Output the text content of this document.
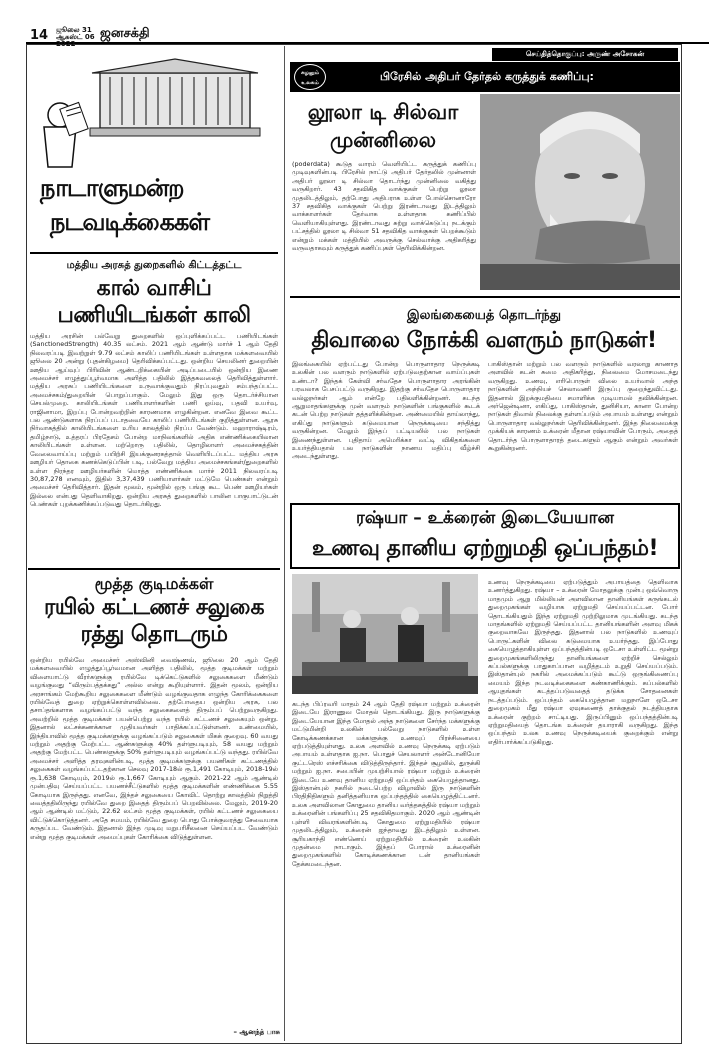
14 ஜூலை 31
ஆகஸ்ட் 06
2022
ஜனசக்தி
நாடாளுமன்ற
நடவடிக்கைகள்
மத்திய அரசுத் துறைகளில் கிட்டத்தட்ட
கால் வாசிப்
பணியிடங்கள் காலி
மத்திய அரசின் பல்வேறு துறைகளில் ஒப்புளிக்கப்பட்ட பணியிடங்கள் (SanctionedStrength) 40.35 லட்சம். 2021 ஆம் ஆண்டு மார்ச் 1 ஆம் தேதி நிலவரப்படி இவற்றுள் 9.79 லட்சம் காலிப் பணியிடங்கள் உள்ளதாக மக்களவையில் ஜூலை 20 அன்று (புதன்கிழமை) தெரிவிக்கப்பட்டது. ஒன்றிய செயலினர் துறையின் ஊதிய ஆய்வுப் பிரிவின் ஆண்டறிக்கையின் அடிப்படையில் ஒன்றிய இணை அமைச்சர் எழுத்துப்பூர்வமாக அளித்த பதிலில் இத்தகவலைத் தெரிவித்துள்ளார். மத்திய அரசுப் பணியிடங்களை உருவாக்குவதும் நிரப்புவதும் சம்பந்தப்பட்ட அமைச்சகம்/துறையின் பொறுப்பாகும். மேலும் இது ஒரு தொடர்ச்சியான செயல்முறை. காலியிடங்கள் பணியாளர்களின் பணி ஓய்வு, பதவி உயர்வு, ராஜினாமா, இறப்பு போன்றவற்றின் காரணமாக எழுகின்றன. எனவே இவை கூட்ட பல ஆண்டுகளாக நிரப்பப் படாதவையே காலிப் பணியிடங்கள் குறித்துள்ளன. ஆரசு நிர்வாகத்தில் காலியிடங்களை உரிய காலத்தில் நிரப்ப வேண்டும். மஹாராஷ்டிரம், தமிழ்நாடு, உத்தரப் பிரதேசம் போன்ற மாநிலங்களில் அதிக எண்ணிக்கையிலான காலியிடங்கள் உள்ளன. மற்றொரு பதிலில், தொழிலாளர் அமைச்சகத்தின் வேலைவாய்ப்பு மற்றும் பயிற்சி இயக்குனரகத்தால் வெளியிடப்பட்ட மத்திய அரசு ஊழியர் தொகை கணக்கெடுப்பின் படி, பல்வேறு மத்திய அமைச்சகங்கள்/துறைகளில் உள்ள நிரந்தர ஊழியர்களின் மொத்த எண்ணிக்கை மார்ச் 2011 நிலவரப்படி 30,87,278 எனவும், இதில் 3,37,439 பணியாளர்கள் மட்டுமே பெண்கள் என்றும் அமைச்சர் தெரிவித்தார். இதன் மூலம், மூன்றில் ஒரு பங்கு கூட பெண் ஊழியர்கள் இல்லை என்பது தெளிவாகிறது. ஒன்றிய அரசுத் துறைகளில் பாலின பாகுபாட்டுடன் பெண்கள் புறக்கணிக்கப்படுவது தொடர்கிறது.
மூத்த குடிமக்கள்
ரயில் கட்டணச் சலுகை
ரத்து தொடரும்
ஒன்றிய ரயில்வே அமைச்சர் அஸ்வினி வைஷ்ணவ், ஜூலை 20 ஆம் தேதி மக்களவையில் எழுத்துப்பூர்வமான அளித்த பதிலில், மூத்த குடிமக்கள் மற்றும் விளையாட்டு வீரர்களுக்கு ரயில்வே டிக்கெட்டுகளில் சலுகைகளை மீண்டும் வழங்குவது “விரும்பத்தக்கது” அல்ல என்று கூறியுள்ளார். இதன் மூலம், ஒன்றிய அரசாங்கம் மேற்கூறிய சலுகைகளை மீண்டும் வழங்குவதாக எழுந்த கோரிக்கைகளை ரயில்வேத் துறை ஏற்றுக்கொள்ளவில்லை. தற்போதைய ஒன்றிய அரசு, பல தசாப்தங்களாக வழங்கப்பட்டு வந்த சலுகைகளைத் திரும்பப் பெற்றுவருகிறது. அவற்றில் மூத்த குடிமக்கள் பயன்பெற்று வந்த ரயில் கட்டணச் சலுகையும் ஒன்று. இதனால் லட்சக்கணக்கான முதியவர்கள் பாதிக்கப்பட்டுள்ளனர். உண்மையில், இந்தியாவில் மூத்த குடிமக்களுக்கு வழங்கப்படும் சலுகைகள் மிகக் குறைவு. 60 வயது மற்றும் அதற்கு மேற்பட்ட ஆண்களுக்கு 40% தள்ளுபடியும், 58 வயது மற்றும் அதற்கு மேற்பட்ட பெண்களுக்கு 50% தள்ளுபடியும் வழங்கப்பட்டு வந்தது. ரயில்வே அமைச்சர் அளித்த தரவுகளின்படி, மூத்த குடிமக்களுக்கு பயணிகள் கட்டணத்தில் சலுகைகள் வழங்கப்பட்டதற்கான செலவு 2017-18ல் ரூ.1,491 கோடியும், 2018-19ல் ரூ.1,638 கோடியும், 2019ல் ரூ.1,667 கோடியும் ஆகும். 2021-22 ஆம் ஆண்டில் முன்பதிவு செய்யப்பட்ட பயணச்சீட்டுகளில் மூத்த குடிமக்களின் எண்ணிக்கை 5.55 கோடியாக இருந்தது. எனவே, இந்தச் சலுகையை கோவிட் தொற்று காலத்தில் நிறுத்தி வைத்ததிலிருந்து ரயில்வே துறை இதைத் திரும்பப் பெறவில்லை. மேலும், 2019-20 ஆம் ஆண்டில் மட்டும், 22.62 லட்சம் மூத்த குடிமக்கள், ரயில் கட்டணச் சலுகையை விட்டுக்கொடுத்தனர். அதே சமயம், ரயில்வே துறை பொது போக்குவரத்து சேவையாக கருதப்பட வேண்டும். இதனால் இந்த முடிவு மறுபரிசீலனை செய்யப்பட வேண்டும் என்று மூத்த குடிமக்கள் அமைப்புகள் கோரிக்கை விடுத்துள்ளன.
– ஆனந்த் பாசு
செய்தித்தொகுப்பு: அருண் அசோகன்
சுழலும்
உலகம்	பிரேசில் அதிபர் தேர்தல் கருத்துக் கணிப்பு:
லூலா டி சில்வா
முன்னிலை
(poderdata) கூடுத வாரம் வெளியிட்ட கருத்துக் கணிப்பு முடிவுகளின்படி பிரேசில் நாட்டு அதிபர் தேர்தலில் முன்னாள் அதிபர் லூலா டி சில்வா தொடர்ந்து முன்னிலை வகித்து வருகிறார். 43 சதவிகித வாக்குகள் பெற்று லூலா முதலிடத்திலும், தற்போது அதிபராக உள்ள போல்சொனாரோ 37 சதவிகித வாக்குகள் பெற்று இரண்டாவது இடத்திலும் வாக்காளர்கள் தேர்வாக உள்ளதாக கணிப்பில் வெளியாகியுள்ளது. இரண்டாவது சுற்று வாக்கெடுப்பு நடக்கும் பட்சத்தில் லூலா டி சில்வா 51 சதவிகித வாக்குகள் பெறக்கூடும் என்றும் மக்கள் மத்தியில் அவருக்கு செல்வாக்கு அதிகரித்து வருவதாகவும் கருத்துக் கணிப்புகள் தெரிவிக்கின்றன.
இலங்கையைத் தொடர்ந்து
திவாலை நோக்கி வளரும் நாடுகள்!
இலங்கையில் ஏற்பட்டது போன்ற பொருளாதார நெருக்கடி உலகின் பல வளரும் நாடுகளில் ஏற்படுவதற்கான வாய்ப்புகள் உண்டா? இந்தக் கேள்வி சர்வதேச பொருளாதார அரங்கின் பரவலாக பேசப்பட்டு வருகிறது. இதற்கு சர்வதேச பொருளாதார வல்லுநர்கள் ஆம் என்றே பதிலளிக்கின்றனர். கடந்த ஆறுமாதங்களுக்கு முன் வளரும் நாடுகளின் பங்குகளில் கூடக் கடன் பெற்ற நாடுகள் தத்தளிக்கின்றன. அண்மையில் தாய்லாந்து, எகிப்து நாடுகளும் கடுமையான நெருக்கடியை சந்தித்து வருகின்றன. மேலும் இந்தப் பட்டியலில் பல நாடுகள் இணைந்துள்ளன. புதிதாய் அமெரிக்கா வட்டி விகிதங்களை உயர்த்தியதால் பல நாடுகளின் நாணய மதிப்பு வீழ்ச்சி அடைந்துள்ளது.
பாகிஸ்தான் மற்றும் பல வளரும் நாடுகளில் வரலாறு காணாத அளவில் கடன் சுமை அதிகரித்து, நிலைமை மோசமடைந்து வருகிறது. உணவு, எரிபொருள் விலை உயர்வால் அந்த நாடுகளின் அந்நியச் செலாவணி இருப்பு குறைந்துவிட்டது. இதனால் இறக்குமதியை சமாளிக்க முடியாமல் தவிக்கின்றன. அர்ஜென்டினா, எகிப்து, பாகிஸ்தான், துனிசியா, கானா போன்ற நாடுகள் திவால் நிலைக்கு தள்ளப்படும் அபாயம் உள்ளது என்றும் பொருளாதார வல்லுநர்கள் தெரிவிக்கின்றனர். இந்த நிலைமைக்கு முக்கியக் காரணம் உக்ரைன் மீதான ரஷ்யாவின் போரும், அதைத் தொடர்ந்த பொருளாதாரத் தடைகளும் ஆகும் என்றும் அவர்கள் கூறுகின்றனர்.
ரஷ்யா – உக்ரைன் இடையேயான
உணவு தானிய ஏற்றுமதி ஒப்பந்தம்!
கடந்த பிப்ரவரி மாதம் 24 ஆம் தேதி ரஷ்யா மற்றும் உக்ரைன் இடையே இராணுவ மோதல் தொடங்கியது. இரு நாடுகளுக்கு இடையேயான இந்த மோதல் அந்த நாடுகளை சேர்ந்த மக்களுக்கு மட்டுமின்றி உலகின் பல்வேறு நாடுகளில் உள்ள கோடிக்கணக்கான மக்களுக்கு உணவுப் பிரச்சினையை ஏற்படுத்தியுள்ளது. உலக அளவில் உணவு நெருக்கடி ஏற்படும் அபாயம் உள்ளதாக ஐ.நா. பொதுச் செயலாளர் அன்டோனியோ குட்டரெஸ் எச்சரிக்கை விடுத்திருந்தார். இந்தச் சூழலில், துருக்கி மற்றும் ஐ.நா. சபையின் முயற்சியால் ரஷ்யா மற்றும் உக்ரைன் இடையே உணவு தானிய ஏற்றுமதி ஒப்பந்தம் கையெழுத்தானது. இஸ்தான்புல் நகரில் நடைபெற்ற விழாவில் இரு நாடுகளின் பிரதிநிதிகளும் தனித்தனியாக ஒப்பந்தத்தில் கையெழுத்திட்டனர். உலக அளவிலான கோதுமை தானிய வர்த்தகத்தில் ரஷ்யா மற்றும் உக்ரைனின் பங்களிப்பு 25 சதவிகிதமாகும். 2020 ஆம் ஆண்டின் புள்ளி விவரங்களின்படி கோதுமை ஏற்றுமதியில் ரஷ்யா முதலிடத்திலும், உக்ரைன் ஐந்தாவது இடத்திலும் உள்ளன. சூரியகாந்தி எண்ணெய் ஏற்றுமதியில் உக்ரைன் உலகின் முதன்மை நாடாகும். இந்தப் போரால் உக்ரைனின் துறைமுகங்களில் கோடிக்கணக்கான டன் தானியங்கள் தேக்கமடைந்தன.
உணவு நெருக்கடியை ஏற்படுத்தும் அபாயத்தை தெளிவாக உணர்த்துகிறது. ரஷ்யா – உக்ரைன் மோதலுக்கு முன்பு ஒவ்வொரு மாதமும் ஆறு மில்லியன் அளவிலான தானியங்கள் கருங்கடல் துறைமுகங்கள் வழியாக ஏற்றுமதி செய்யப்பட்டன. போர் தொடங்கியதும் இந்த ஏற்றுமதி முற்றிலுமாக முடங்கியது. கடந்த மாதங்களில் ஏற்றுமதி செய்யப்பட்ட தானியங்களின் அளவு மிகக் குறைவாகவே இருந்தது. இதனால் பல நாடுகளில் உணவுப் பொருட்களின் விலை கடுமையாக உயர்ந்தது. இப்போது கையெழுத்தாகியுள்ள ஒப்பந்தத்தின்படி ஒடேசா உள்ளிட்ட மூன்று துறைமுகங்களிலிருந்து தானியங்களை ஏற்றிச் செல்லும் கப்பல்களுக்கு பாதுகாப்பான வழித்தடம் உறுதி செய்யப்படும். இஸ்தான்புல் நகரில் அமைக்கப்படும் கூட்டு ஒருங்கிணைப்பு மையம் இந்த நடவடிக்கைகளை கண்காணிக்கும். கப்பல்களில் ஆயுதங்கள் கடத்தப்படுவதைத் தடுக்க சோதனைகள் நடத்தப்படும். ஒப்பந்தம் கையெழுத்தான மறுநாளே ஒடேசா துறைமுகம் மீது ரஷ்யா ஏவுகணைத் தாக்குதல் நடத்தியதாக உக்ரைன் குற்றம் சாட்டியது. இருப்பினும் ஒப்பந்தத்தின்படி ஏற்றுமதியைத் தொடங்க உக்ரைன் தயாராகி வருகிறது. இந்த ஒப்பந்தம் உலக உணவு நெருக்கடியைக் குறைக்கும் என்று எதிர்பார்க்கப்படுகிறது.
